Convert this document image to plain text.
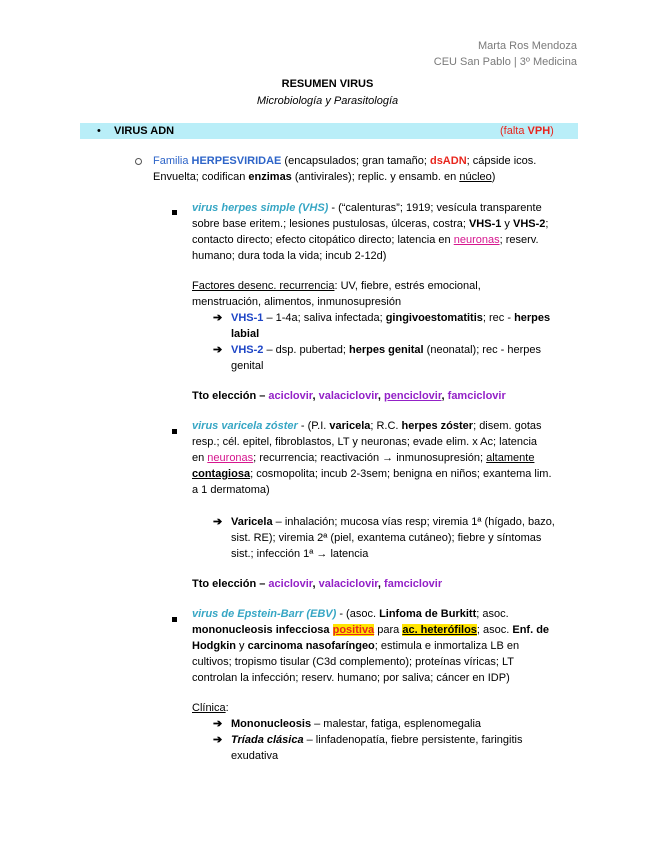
Marta Ros Mendoza
CEU San Pablo | 3º Medicina
RESUMEN VIRUS
Microbiología y Parasitología
• VIRUS ADN	(falta VPH)
Familia HERPESVIRIDAE (encapsulados; gran tamaño; dsADN; cápside icos.
Envuelta; codifican enzimas (antivirales); replic. y ensamb. en núcleo)
virus herpes simple (VHS) - (“calenturas”; 1919; vesícula transparente
sobre base eritem.; lesiones pustulosas, úlceras, costra; VHS-1 y VHS-2;
contacto directo; efecto citopático directo; latencia en neuronas; reserv.
humano; dura toda la vida; incub 2-12d)
Factores desenc. recurrencia: UV, fiebre, estrés emocional,
menstruación, alimentos, inmunosupresión
➔ VHS-1 – 1-4a; saliva infectada; gingivoestomatitis; rec - herpes
labial
➔ VHS-2 – dsp. pubertad; herpes genital (neonatal); rec - herpes
genital
Tto elección – aciclovir, valaciclovir, penciclovir, famciclovir
virus varicela zóster - (P.I. varicela; R.C. herpes zóster; disem. gotas
resp.; cél. epitel, fibroblastos, LT y neuronas; evade elim. x Ac; latencia
en neuronas; recurrencia; reactivación → inmunosupresión; altamente
contagiosa; cosmopolita; incub 2-3sem; benigna en niños; exantema lim.
a 1 dermatoma)
➔ Varicela – inhalación; mucosa vías resp; viremia 1ª (hígado, bazo,
sist. RE); viremia 2ª (piel, exantema cutáneo); fiebre y síntomas
sist.; infección 1ª → latencia
Tto elección – aciclovir, valaciclovir, famciclovir
virus de Epstein-Barr (EBV) - (asoc. Linfoma de Burkitt; asoc.
mononucleosis infecciosa positiva para ac. heterófilos; asoc. Enf. de
Hodgkin y carcinoma nasofaríngeo; estimula e inmortaliza LB en
cultivos; tropismo tisular (C3d complemento); proteínas víricas; LT
controlan la infección; reserv. humano; por saliva; cáncer en IDP)
Clínica:
➔ Mononucleosis – malestar, fatiga, esplenomegalia
➔ Tríada clásica – linfadenopatía, fiebre persistente, faringitis
exudativa
